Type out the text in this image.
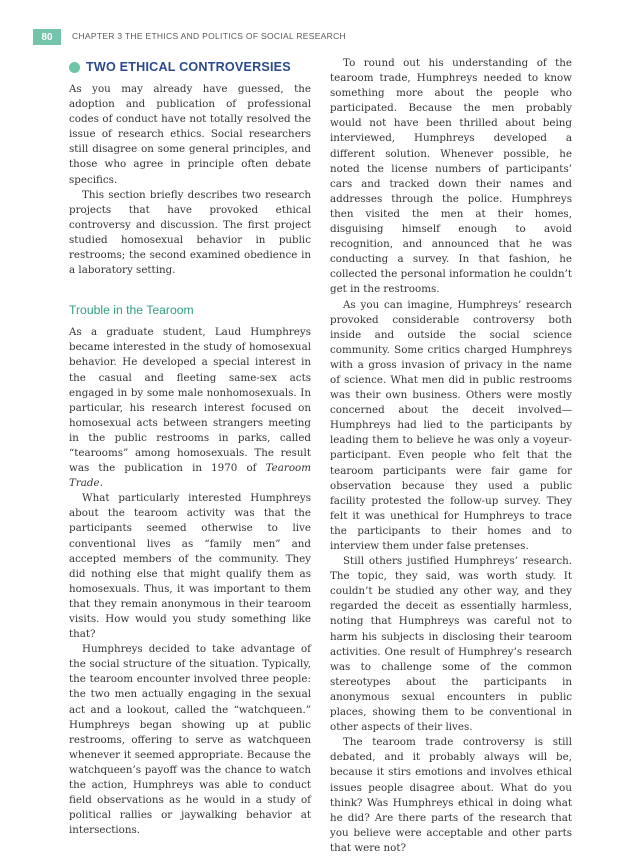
80	CHAPTER 3 THE ETHICS AND POLITICS OF SOCIAL RESEARCH
TWO ETHICAL CONTROVERSIES

As you may already have guessed, the adoption and publication of professional codes of conduct have not totally resolved the issue of research ethics. Social researchers still disagree on some general principles, and those who agree in principle often debate specifics.

This section briefly describes two research projects that have provoked ethical controversy and discussion. The first project studied homosexual behavior in public restrooms; the second examined obedience in a laboratory setting.

Trouble in the Tearoom

As a graduate student, Laud Humphreys became interested in the study of homosexual behavior. He developed a special interest in the casual and fleeting same-sex acts engaged in by some male nonhomosexuals. In particular, his research interest focused on homosexual acts between strangers meeting in the public restrooms in parks, called “tearooms” among homosexuals. The result was the publication in 1970 of Tearoom Trade.

What particularly interested Humphreys about the tearoom activity was that the participants seemed otherwise to live conventional lives as “family men” and accepted members of the community. They did nothing else that might qualify them as homosexuals. Thus, it was important to them that they remain anonymous in their tearoom visits. How would you study something like that?

Humphreys decided to take advantage of the social structure of the situation. Typically, the tearoom encounter involved three people: the two men actually engaging in the sexual act and a lookout, called the “watchqueen.” Humphreys began showing up at public restrooms, offering to serve as watchqueen whenever it seemed appropriate. Because the watchqueen’s payoff was the chance to watch the action, Humphreys was able to conduct field observations as he would in a study of political rallies or jaywalking behavior at intersections.

To round out his understanding of the tearoom trade, Humphreys needed to know something more about the people who participated. Because the men probably would not have been thrilled about being interviewed, Humphreys developed a different solution. Whenever possible, he noted the license numbers of participants’ cars and tracked down their names and addresses through the police. Humphreys then visited the men at their homes, disguising himself enough to avoid recognition, and announced that he was conducting a survey. In that fashion, he collected the personal information he couldn’t get in the restrooms.

As you can imagine, Humphreys’ research provoked considerable controversy both inside and outside the social science community. Some critics charged Humphreys with a gross invasion of privacy in the name of science. What men did in public restrooms was their own business. Others were mostly concerned about the deceit involved—Humphreys had lied to the participants by leading them to believe he was only a voyeur-participant. Even people who felt that the tearoom participants were fair game for observation because they used a public facility protested the follow-up survey. They felt it was unethical for Humphreys to trace the participants to their homes and to interview them under false pretenses.

Still others justified Humphreys’ research. The topic, they said, was worth study. It couldn’t be studied any other way, and they regarded the deceit as essentially harmless, noting that Humphreys was careful not to harm his subjects in disclosing their tearoom activities. One result of Humphrey’s research was to challenge some of the common stereotypes about the participants in anonymous sexual encounters in public places, showing them to be conventional in other aspects of their lives.

The tearoom trade controversy is still debated, and it probably always will be, because it stirs emotions and involves ethical issues people disagree about. What do you think? Was Humphreys ethical in doing what he did? Are there parts of the research that you believe were acceptable and other parts that were not?
